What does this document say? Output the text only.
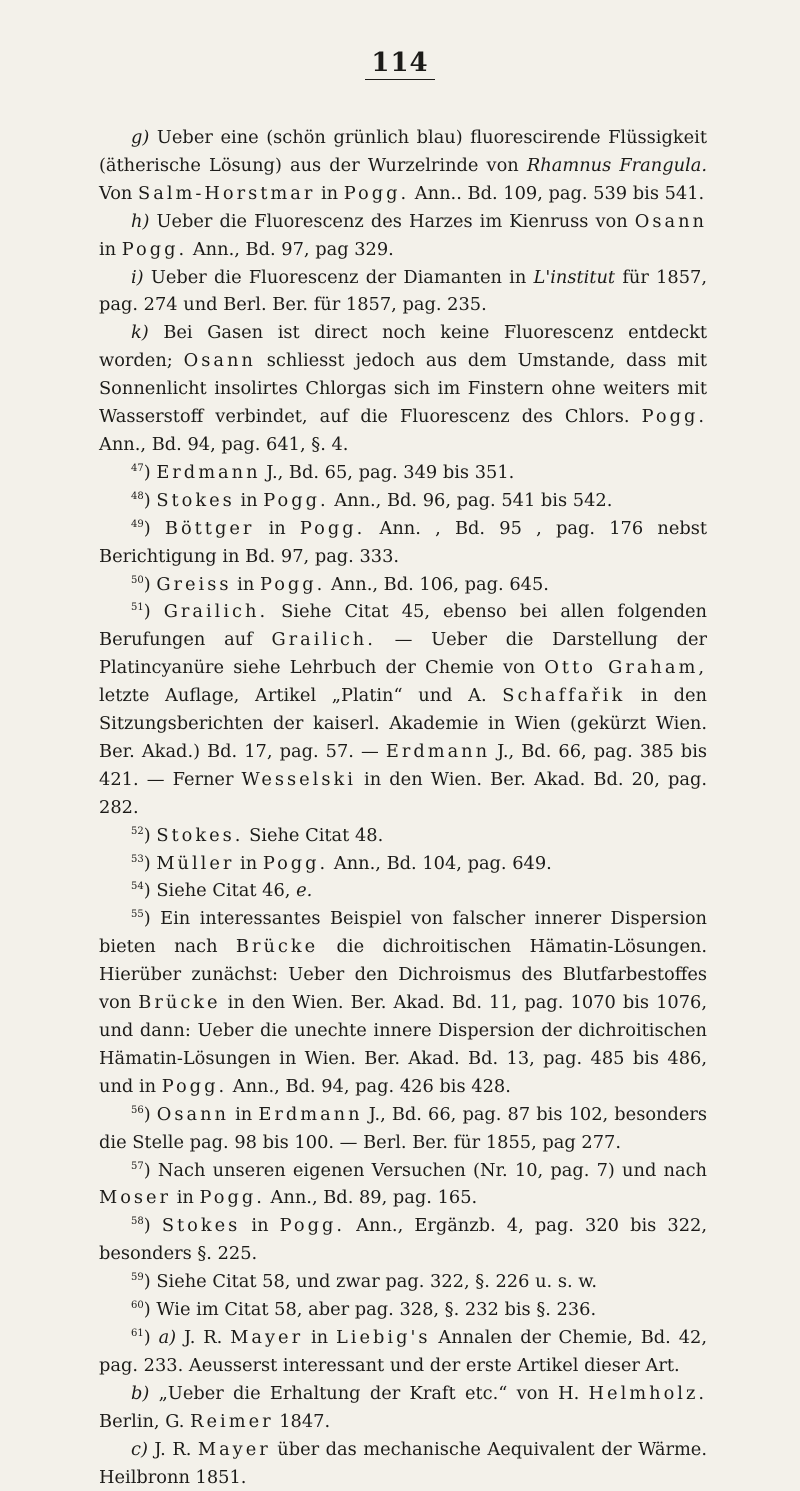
114

g) Ueber eine (schön grünlich blau) fluorescirende Flüssigkeit (ätherische Lösung) aus der Wurzelrinde von Rhamnus Frangula. Von Salm-Horstmar in Pogg. Ann.. Bd. 109, pag. 539 bis 541.

h) Ueber die Fluorescenz des Harzes im Kienruss von Osann in Pogg. Ann., Bd. 97, pag 329.

i) Ueber die Fluorescenz der Diamanten in L'institut für 1857, pag. 274 und Berl. Ber. für 1857, pag. 235.

k) Bei Gasen ist direct noch keine Fluorescenz entdeckt worden; Osann schliesst jedoch aus dem Umstande, dass mit Sonnenlicht insolirtes Chlorgas sich im Finstern ohne weiters mit Wasserstoff verbindet, auf die Fluorescenz des Chlors. Pogg. Ann., Bd. 94, pag. 641, §. 4.

$^{47}$) Erdmann J., Bd. 65, pag. 349 bis 351.

$^{48}$) Stokes in Pogg. Ann., Bd. 96, pag. 541 bis 542.

$^{49}$) Böttger in Pogg. Ann. , Bd. 95 , pag. 176 nebst Berichtigung in Bd. 97, pag. 333.

$^{50}$) Greiss in Pogg. Ann., Bd. 106, pag. 645.

$^{51}$) Grailich. Siehe Citat 45, ebenso bei allen folgenden Berufungen auf Grailich. — Ueber die Darstellung der Platincyanüre siehe Lehrbuch der Chemie von Otto Graham, letzte Auflage, Artikel „Platin“ und A. Schaffařik in den Sitzungsberichten der kaiserl. Akademie in Wien (gekürzt Wien. Ber. Akad.) Bd. 17, pag. 57. — Erdmann J., Bd. 66, pag. 385 bis 421. — Ferner Wesselski in den Wien. Ber. Akad. Bd. 20, pag. 282.

$^{52}$) Stokes. Siehe Citat 48.

$^{53}$) Müller in Pogg. Ann., Bd. 104, pag. 649.

$^{54}$) Siehe Citat 46, e.

$^{55}$) Ein interessantes Beispiel von falscher innerer Dispersion bieten nach Brücke die dichroitischen Hämatin-Lösungen. Hierüber zunächst: Ueber den Dichroismus des Blutfarbestoffes von Brücke in den Wien. Ber. Akad. Bd. 11, pag. 1070 bis 1076, und dann: Ueber die unechte innere Dispersion der dichroitischen Hämatin-Lösungen in Wien. Ber. Akad. Bd. 13, pag. 485 bis 486, und in Pogg. Ann., Bd. 94, pag. 426 bis 428.

$^{56}$) Osann in Erdmann J., Bd. 66, pag. 87 bis 102, besonders die Stelle pag. 98 bis 100. — Berl. Ber. für 1855, pag 277.

$^{57}$) Nach unseren eigenen Versuchen (Nr. 10, pag. 7) und nach Moser in Pogg. Ann., Bd. 89, pag. 165.

$^{58}$) Stokes in Pogg. Ann., Ergänzb. 4, pag. 320 bis 322, besonders §. 225.

$^{59}$) Siehe Citat 58, und zwar pag. 322, §. 226 u. s. w.

$^{60}$) Wie im Citat 58, aber pag. 328, §. 232 bis §. 236.

$^{61}$) a) J. R. Mayer in Liebig's Annalen der Chemie, Bd. 42, pag. 233. Aeusserst interessant und der erste Artikel dieser Art.

b) „Ueber die Erhaltung der Kraft etc.“ von H. Helmholz. Berlin, G. Reimer 1847.

c) J. R. Mayer über das mechanische Aequivalent der Wärme. Heilbronn 1851.
